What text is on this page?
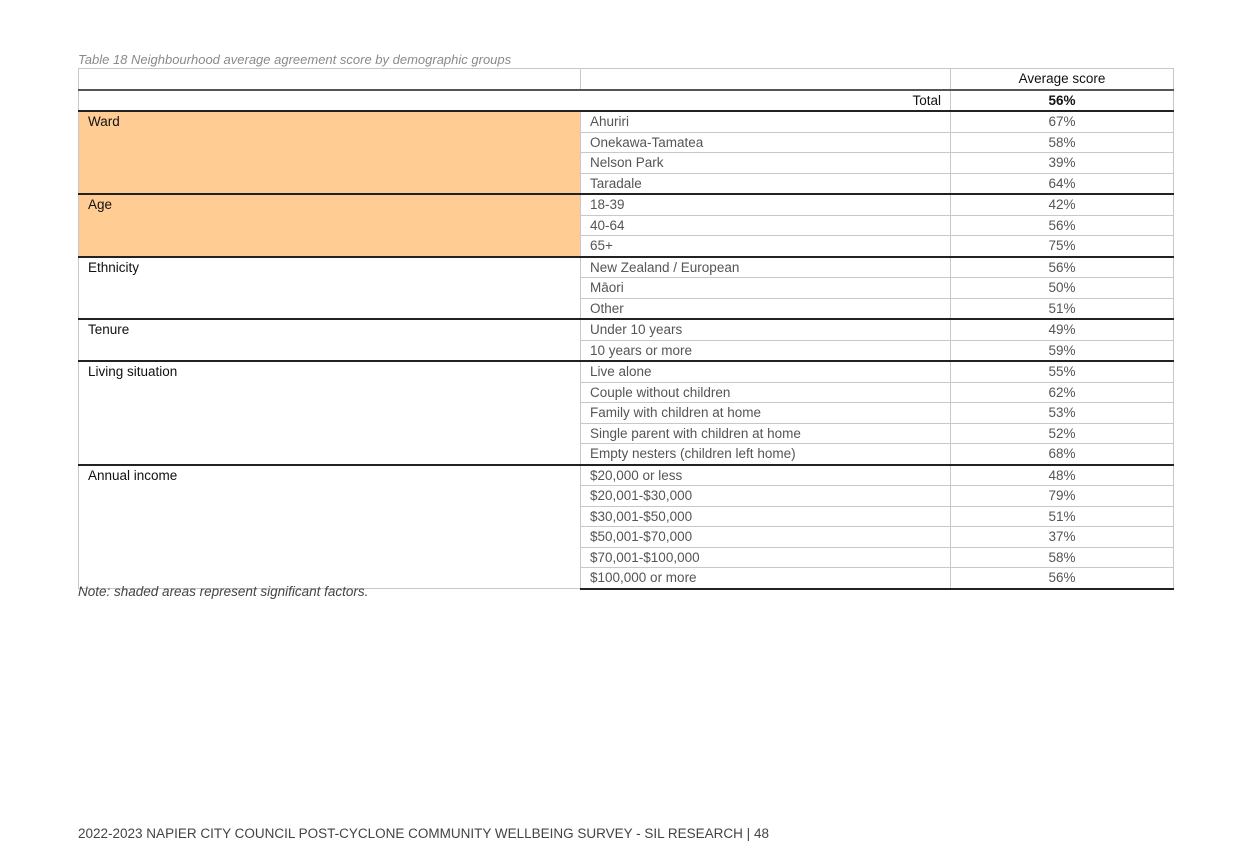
Table 18 Neighbourhood average agreement score by demographic groups
		Average score
Total		56%
Ward	Ahuriri	67%
	Onekawa-Tamatea	58%
	Nelson Park	39%
	Taradale	64%
Age	18-39	42%
	40-64	56%
	65+	75%
Ethnicity	New Zealand / European	56%
	Māori	50%
	Other	51%
Tenure	Under 10 years	49%
	10 years or more	59%
Living situation	Live alone	55%
	Couple without children	62%
	Family with children at home	53%
	Single parent with children at home	52%
	Empty nesters (children left home)	68%
Annual income	$20,000 or less	48%
	$20,001-$30,000	79%
	$30,001-$50,000	51%
	$50,001-$70,000	37%
	$70,001-$100,000	58%
	$100,000 or more	56%
Note: shaded areas represent significant factors.
2022-2023 NAPIER CITY COUNCIL POST-CYCLONE COMMUNITY WELLBEING SURVEY - SIL RESEARCH | 48
